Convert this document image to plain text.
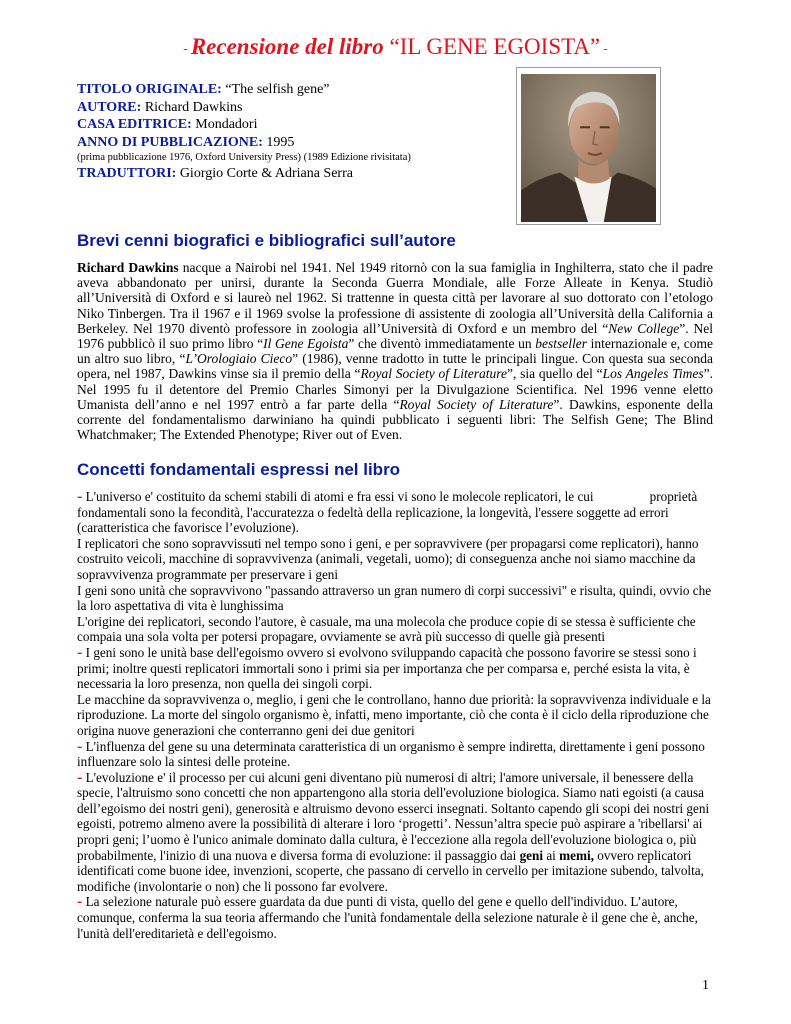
- Recensione del libro “IL GENE EGOISTA” -
TITOLO ORIGINALE: “The selfish gene”
AUTORE: Richard Dawkins
CASA EDITRICE: Mondadori
ANNO DI PUBBLICAZIONE: 1995
(prima pubblicazione 1976, Oxford University Press) (1989 Edizione rivisitata)
TRADUTTORI: Giorgio Corte & Adriana Serra
Brevi cenni biografici e bibliografici sull’autore
Richard Dawkins nacque a Nairobi nel 1941. Nel 1949 ritornò con la sua famiglia in Inghilterra, stato che il padre aveva abbandonato per unirsi, durante la Seconda Guerra Mondiale, alle Forze Alleate in Kenya. Studiò all’Università di Oxford e si laureò nel 1962. Si trattenne in questa città per lavorare al suo dottorato con l’etologo Niko Tinbergen. Tra il 1967 e il 1969 svolse la professione di assistente di zoologia all’Università della California a Berkeley. Nel 1970 diventò professore in zoologia all’Università di Oxford e un membro del “New College”. Nel 1976 pubblicò il suo primo libro “Il Gene Egoista” che diventò immediatamente un bestseller internazionale e, come un altro suo libro, “L’Orologiaio Cieco” (1986), venne tradotto in tutte le principali lingue. Con questa sua seconda opera, nel 1987, Dawkins vinse sia il premio della “Royal Society of Literature”, sia quello del “Los Angeles Times”. Nel 1995 fu il detentore del Premio Charles Simonyi per la Divulgazione Scientifica. Nel 1996 venne eletto Umanista dell’anno e nel 1997 entrò a far parte della “Royal Society of Literature”. Dawkins, esponente della corrente del fondamentalismo darwiniano ha quindi pubblicato i seguenti libri: The Selfish Gene; The Blind Whatchmaker; The Extended Phenotype; River out of Even.
Concetti fondamentali espressi nel libro

- L'universo e' costituito da schemi stabili di atomi e fra essi vi sono le molecole replicatori, le cui                 proprietà fondamentali sono la fecondità, l'accuratezza o fedeltà della replicazione, la longevità, l'essere soggette ad errori (caratteristica che favorisce l’evoluzione).

I replicatori che sono sopravvissuti nel tempo sono i geni, e per sopravvivere (per propagarsi come replicatori), hanno costruito veicoli, macchine di sopravvivenza (animali, vegetali, uomo); di conseguenza anche noi siamo macchine da sopravvivenza programmate per preservare i geni

I geni sono unità che sopravvivono "passando attraverso un gran numero di corpi successivi" e risulta, quindi, ovvio che la loro aspettativa di vita è lunghissima

L'origine dei replicatori, secondo l'autore, è casuale, ma una molecola che produce copie di se stessa è sufficiente che compaia una sola volta per potersi propagare, ovviamente se avrà più successo di quelle già presenti

- I geni sono le unità base dell'egoismo ovvero si evolvono sviluppando capacità che possono favorire se stessi sono i primi; inoltre questi replicatori immortali sono i primi sia per importanza che per comparsa e, perché esista la vita, è necessaria la loro presenza, non quella dei singoli corpi.

Le macchine da sopravvivenza o, meglio, i geni che le controllano, hanno due priorità: la sopravvivenza individuale e la riproduzione. La morte del singolo organismo è, infatti, meno importante, ciò che conta è il ciclo della riproduzione che origina nuove generazioni che conterranno geni dei due genitori

- L'influenza del gene su una determinata caratteristica di un organismo è sempre indiretta, direttamente i geni possono influenzare solo la sintesi delle proteine.

- L'evoluzione e' il processo per cui alcuni geni diventano più numerosi di altri; l'amore universale, il benessere della specie, l'altruismo sono concetti che non appartengono alla storia dell'evoluzione biologica. Siamo nati egoisti (a causa dell’egoismo dei nostri geni), generosità e altruismo devono esserci insegnati. Soltanto capendo gli scopi dei nostri geni egoisti, potremo almeno avere la possibilità di alterare i loro ‘progetti’. Nessun’altra specie può aspirare a 'ribellarsi' ai propri geni; l’uomo è l'unico animale dominato dalla cultura, è l'eccezione alla regola dell'evoluzione biologica o, più probabilmente, l'inizio di una nuova e diversa forma di evoluzione: il passaggio dai geni ai memi, ovvero replicatori identificati come buone idee, invenzioni, scoperte, che passano di cervello in cervello per imitazione subendo, talvolta, modifiche (involontarie o non) che li possono far evolvere.

- La selezione naturale può essere guardata da due punti di vista, quello del gene e quello dell'individuo. L’autore, comunque, conferma la sua teoria affermando che l'unità fondamentale della selezione naturale è il gene che è, anche, l'unità dell'ereditarietà e dell'egoismo.

1
